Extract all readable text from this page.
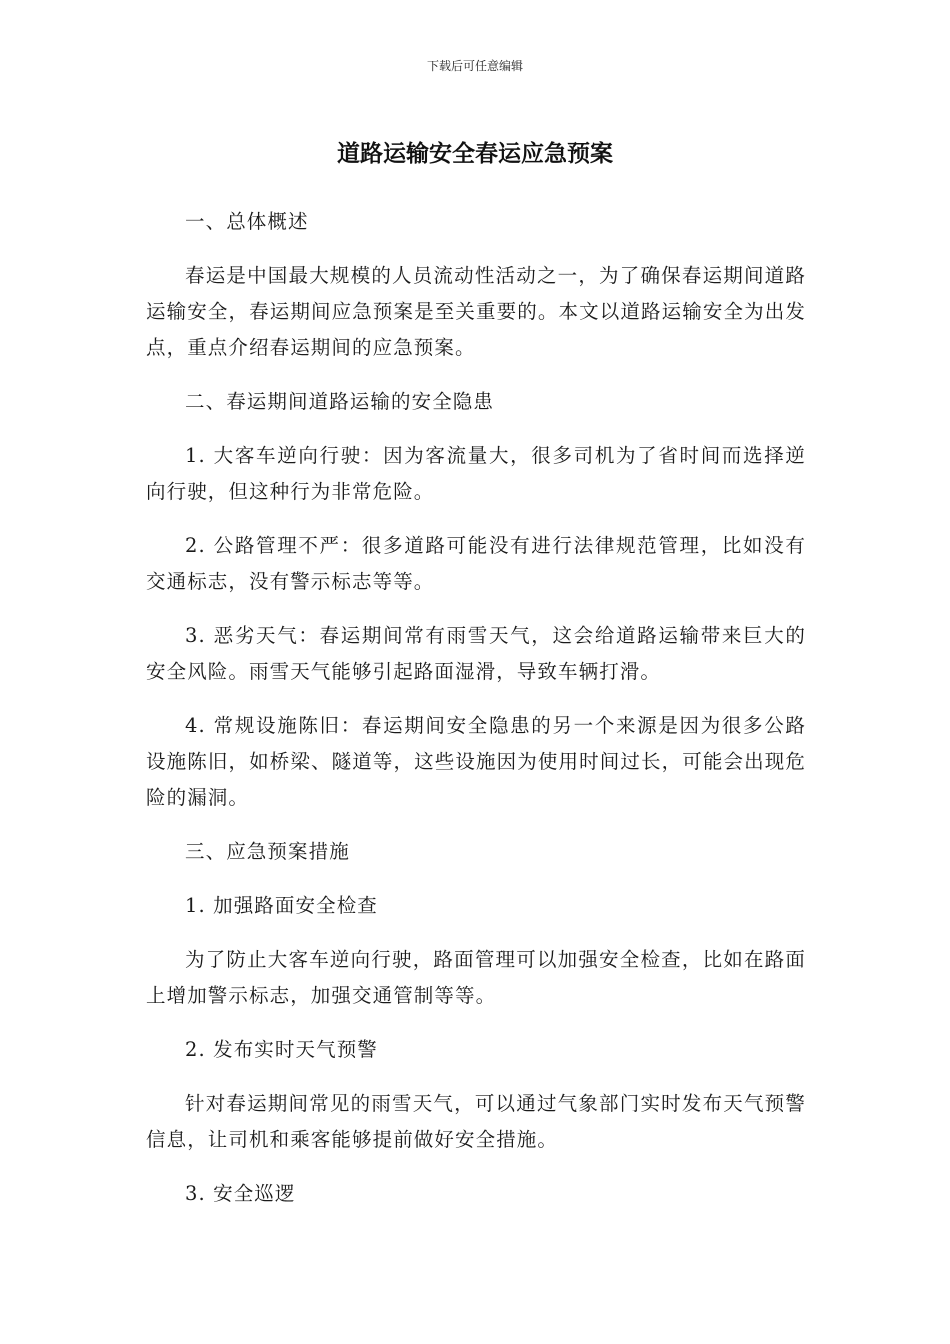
下载后可任意编辑
道路运输安全春运应急预案

一、总体概述

春运是中国最大规模的人员流动性活动之一，为了确保春运期间道路运输安全，春运期间应急预案是至关重要的。本文以道路运输安全为出发点，重点介绍春运期间的应急预案。

二、春运期间道路运输的安全隐患

1. 大客车逆向行驶：因为客流量大，很多司机为了省时间而选择逆向行驶，但这种行为非常危险。

2. 公路管理不严：很多道路可能没有进行法律规范管理，比如没有交通标志，没有警示标志等等。

3. 恶劣天气：春运期间常有雨雪天气，这会给道路运输带来巨大的安全风险。雨雪天气能够引起路面湿滑，导致车辆打滑。

4. 常规设施陈旧：春运期间安全隐患的另一个来源是因为很多公路设施陈旧，如桥梁、隧道等，这些设施因为使用时间过长，可能会出现危险的漏洞。

三、应急预案措施

1. 加强路面安全检查

为了防止大客车逆向行驶，路面管理可以加强安全检查，比如在路面上增加警示标志，加强交通管制等等。

2. 发布实时天气预警

针对春运期间常见的雨雪天气，可以通过气象部门实时发布天气预警信息，让司机和乘客能够提前做好安全措施。

3. 安全巡逻
